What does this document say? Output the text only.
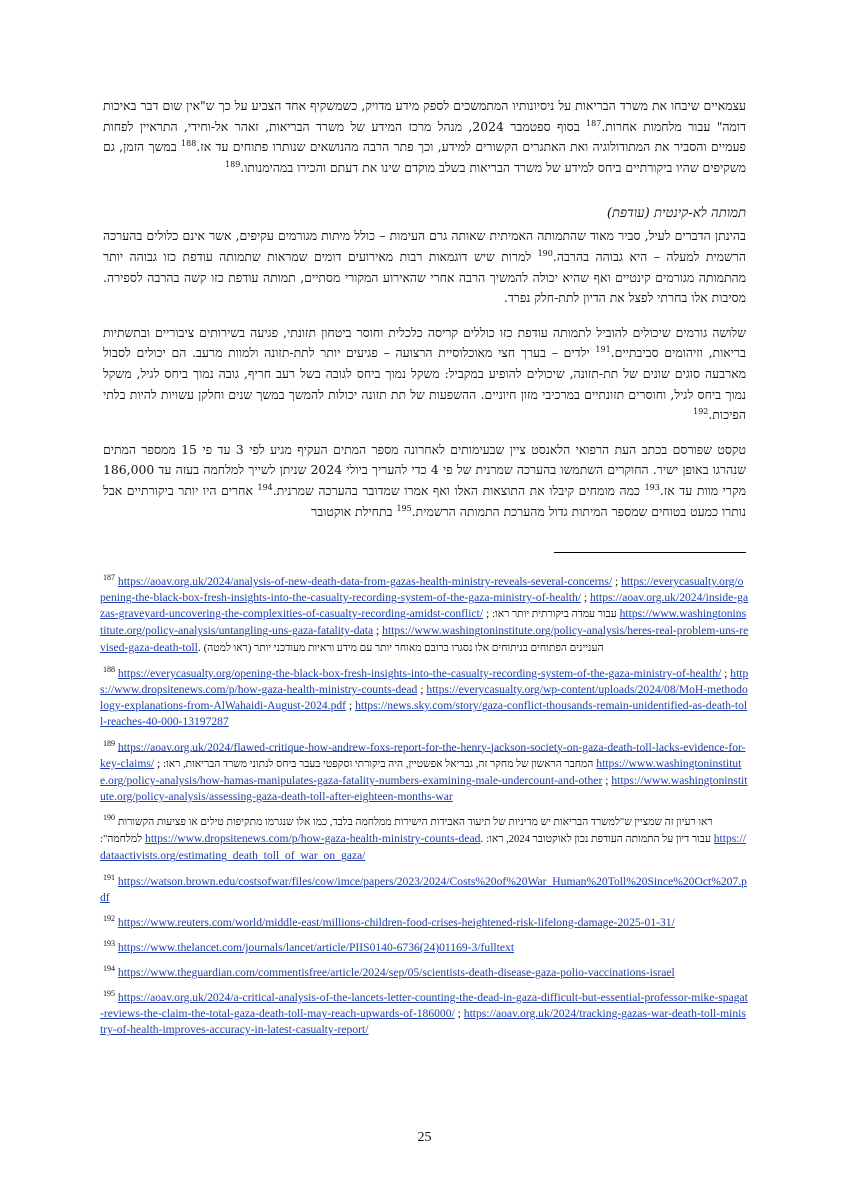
עצמאיים שיבחו את משרד הבריאות על ניסיונותיו המתמשכים לספק מידע מדויק, כשמשקיף אחד הצביע על כך ש"אין שום דבר באיכות דומה" עבור מלחמות אחרות.$^{187}$ בסוף ספטמבר 2024, מנהל מרכז המידע של משרד הבריאות, זאהר אל-וחידי, התראיין לפחות פעמיים והסביר את המתודולוגיה ואת האתגרים הקשורים למידע, וכך פתר הרבה מהנושאים שנותרו פתוחים עד אז.$^{188}$ במשך הזמן, גם משקיפים שהיו ביקורתיים ביחס למידע של משרד הבריאות בשלב מוקדם שינו את דעתם והכירו במהימנותו.$^{189}$

תמותה לא-קינטית (עודפת)

בהינתן הדברים לעיל, סביר מאוד שהתמותה האמיתית שאותה גרם העימות – כולל מיתות מגורמים עקיפים, אשר אינם כלולים בהערכה הרשמית למעלה – היא גבוהה בהרבה.$^{190}$ למרות שיש דוגמאות רבות מאירועים דומים שמראות שתמותה עודפת כזו גבוהה יותר מהתמותה מגורמים קינטיים ואף שהיא יכולה להמשיך הרבה אחרי שהאירוע המקורי מסתיים, תמותה עודפת כזו קשה בהרבה לספירה. מסיבות אלו בחרתי לפצל את הדיון לתת-חלק נפרד.

שלושה גורמים שיכולים להוביל לתמותה עודפת כזו כוללים קריסה כלכלית וחוסר ביטחון תזונתי, פגיעה בשירותים ציבוריים ובתשתיות בריאות, וזיהומים סביבתיים.$^{191}$ ילדים – בערך חצי מאוכלוסיית הרצועה – פגיעים יותר לתת-תזונה ולמוות מרעב. הם יכולים לסבול מארבעה סוגים שונים של תת-תזונה, שיכולים להופיע במקביל: משקל נמוך ביחס לגובה בשל רעב חריף, גובה נמוך ביחס לגיל, משקל נמוך ביחס לגיל, וחוסרים תזונתיים במרכיבי מזון חיוניים. ההשפעות של תת תזונה יכולות להמשך במשך שנים וחלקן עשויות להיות בלתי הפיכות.$^{192}$

טקסט שפורסם בכתב העת הרפואי הלאנסט ציין שבעימותים לאחרונה מספר המתים העקיף מגיע לפי 3 עד פי 15 ממספר המתים שנהרגו באופן ישיר. החוקרים השתמשו בהערכה שמרנית של פי 4 כדי להעריך ביולי 2024 שניתן לשייך למלחמה בעזה עד 186,000 מקרי מוות עד אז.$^{193}$ כמה מומחים קיבלו את התוצאות האלו ואף אמרו שמדובר בהערכה שמרנית.$^{194}$ אחרים היו יותר ביקורתיים אבל נותרו כמעט בטוחים שמספר המיתות גדול מהערכת התמותה הרשמית.$^{195}$ בתחילת אוקטובר

$^{187}$ https://aoav.org.uk/2024/analysis-of-new-death-data-from-gazas-health-ministry-reveals-several-concerns/ ; https://everycasualty.org/opening-the-black-box-fresh-insights-into-the-casualty-recording-system-of-the-gaza-ministry-of-health/ ; https://aoav.org.uk/2024/inside-gazas-graveyard-uncovering-the-complexities-of-casualty-recording-amidst-conflict/ ; עבור עמדה ביקורתית יותר ראו: https://www.washingtoninstitute.org/policy-analysis/untangling-uns-gaza-fatality-data ; https://www.washingtoninstitute.org/policy-analysis/heres-real-problem-uns-revised-gaza-death-toll. העניינים הפתוחים בניתוחים אלו נסגרו ברובם מאוחר יותר עם מידע וראיות מעודכני יותר (ראו למטה)

$^{188}$ https://everycasualty.org/opening-the-black-box-fresh-insights-into-the-casualty-recording-system-of-the-gaza-ministry-of-health/ ; https://www.dropsitenews.com/p/how-gaza-health-ministry-counts-dead ; https://everycasualty.org/wp-content/uploads/2024/08/MoH-methodology-explanations-from-AlWahaidi-August-2024.pdf ; https://news.sky.com/story/gaza-conflict-thousands-remain-unidentified-as-death-toll-reaches-40-000-13197287

$^{189}$ https://aoav.org.uk/2024/flawed-critique-how-andrew-foxs-report-for-the-henry-jackson-society-on-gaza-death-toll-lacks-evidence-for-key-claims/ ; המחבר הראשון של מחקר זה, גבריאל אפשטיין, היה ביקורתי וסקפטי בעבר ביחס לנתוני משרד הבריאות, ראו: https://www.washingtoninstitute.org/policy-analysis/how-hamas-manipulates-gaza-fatality-numbers-examining-male-undercount-and-other ; https://www.washingtoninstitute.org/policy-analysis/assessing-gaza-death-toll-after-eighteen-months-war

$^{190}$ ראו רעיון זה שמציין ש"למשרד הבריאות יש מדיניות של תיעוד האבידות הישירות ממלחמה בלבד, כמו אלו שנגרמו מתקיפות טילים או פציעות הקשורות למלחמה": https://www.dropsitenews.com/p/how-gaza-health-ministry-counts-dead. עבור דיון על התמותה העודפת נכון לאוקטובר 2024, ראו: https://dataactivists.org/estimating_death_toll_of_war_on_gaza/

$^{191}$ https://watson.brown.edu/costsofwar/files/cow/imce/papers/2023/2024/Costs%20of%20War_Human%20Toll%20Since%20Oct%207.pdf

$^{192}$ https://www.reuters.com/world/middle-east/millions-children-food-crises-heightened-risk-lifelong-damage-2025-01-31/

$^{193}$ https://www.thelancet.com/journals/lancet/article/PIIS0140-6736(24)01169-3/fulltext

$^{194}$ https://www.theguardian.com/commentisfree/article/2024/sep/05/scientists-death-disease-gaza-polio-vaccinations-israel

$^{195}$ https://aoav.org.uk/2024/a-critical-analysis-of-the-lancets-letter-counting-the-dead-in-gaza-difficult-but-essential-professor-mike-spagat-reviews-the-claim-the-total-gaza-death-toll-may-reach-upwards-of-186000/ ; https://aoav.org.uk/2024/tracking-gazas-war-death-toll-ministry-of-health-improves-accuracy-in-latest-casualty-report/

25
